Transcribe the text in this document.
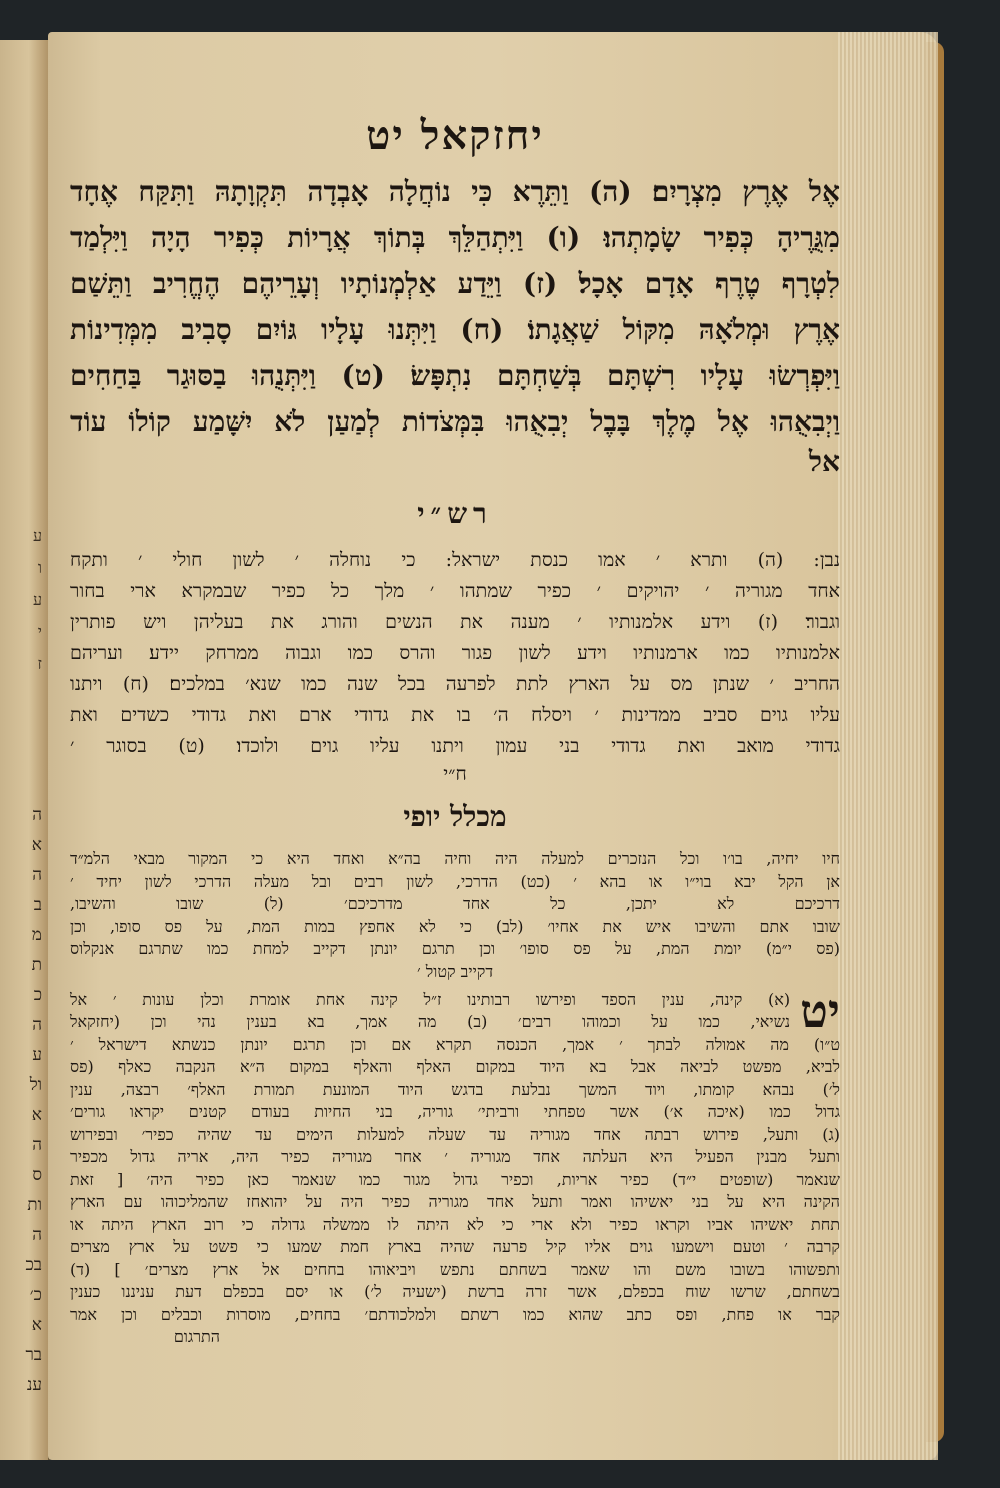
ע
ו
ע
י
ז
ה
א
ה
ב
מ
ת
כ
ה
ע
ול
א
ה
ס
ות
ה
בכ
כ׳
א
בר
ענ
יחזקאל יט
אֶל אֶרֶץ מִצְרָיִם׃ (ה) וַתֵּרֶא כִּי נוֹחֲלָה אָבְדָה תִּקְוָתָהּ וַתִּקַּח אֶחָד
מִגֻּרֶיהָ כְּפִיר שָׂמָתְהוּ׃ (ו) וַיִּתְהַלֵּךְ בְּתוֹךְ אֲרָיוֹת כְּפִיר הָיָה וַיִּלְמַד
לִטְרָף טֶרֶף אָדָם אָכָל׃ (ז) וַיֵּדַע אַלְמְנוֹתָיו וְעָרֵיהֶם הֶחֱרִיב וַתֵּשַׁם
אֶרֶץ וּמְלֹאָהּ מִקּוֹל שַׁאֲגָתוֹ׃ (ח) וַיִּתְּנוּ עָלָיו גּוֹיִם סָבִיב מִמְּדִינוֹת
וַיִּפְרְשׂוּ עָלָיו רִשְׁתָּם בְּשַׁחְתָּם נִתְפָּשׂ׃ (ט) וַיִּתְּנֻהוּ בַסּוּגַר בַּחַחִים
וַיְבִאֻהוּ אֶל מֶלֶךְ בָּבֶל יְבִאֻהוּ בִּמְּצֹדוֹת לְמַעַן לֹא יִשָּׁמַע קוֹלוֹ עוֹד
אל
רש״י
נבן: (ה) ותרא ׳ אמו כנסת ישראל: כי נוחלה ׳ לשון חולי ׳ ותקח
אחד מגוריה ׳ יהויקים ׳ כפיר שמתהו ׳ מלך כל כפיר שבמקרא ארי בחור
וגבור׃ (ז) וידע אלמנותיו ׳ מענה את הנשים והורג את בעליהן ויש פותרין
אלמנותיו כמו ארמנותיו וידע לשון פגור והרס כמו וגבוה ממרחק יידע׃ ועריהם
החריב ׳ שנתן מס על הארץ לתת לפרעה בכל שנה כמו שנא׳ במלכים׃ (ח) ויתנו
עליו גוים סביב ממדינות ׳ ויסלח ה׳ בו את גדודי ארם ואת גדודי כשדים ואת
גדודי מואב ואת גדודי בני עמון ויתנו עליו גוים ולוכדו׃ (ט) בסוגר ׳
ח״י
מכלל יופי
חיו יחיה, בו׳ו וכל הנזכרים למעלה היה וחיה בה״א ואחד היא כי המקור מבאי הלמ״ד
אן הקל יבא בוי״ו או בהא ׳ (כט) הדרכי, לשון רבים ובל מעלה הדרכי לשון יחיד ׳
דרכיכם לא יתכן, כל אחד מדרכיכם׳ (ל) שובו והשיבו,
שובו אתם והשיבו איש את אחיו׳ (לב) כי לא אחפץ במות המת, על פס סופו, וכן
(פס י״מ) יומת המת, על פס סופו׳ וכן תרגם יונתן דקייב למחת כמו שתרגם אנקלוס
דקייב קטול ׳
יט
(א) קינה, ענין הספד ופירשו רבותינו ז״ל קינה אחת אומרת וכלן עונות ׳ אל
נשיאי, כמו על וכמוהו רבים׳ (ב) מה אמך, בא בענין נהי וכן (יחזקאל
ט״ו) מה אמולה לבתך ׳ אמך, הכנסה תקרא אם וכן תרגם יונתן כנשתא דישראל ׳
לביא, מפשט לביאה אבל בא היוד במקום האלף והאלף במקום ה״א הנקבה כאלף (פס
ל׳) נבהא קומתו, ויוד המשך נבלעת בדגש היוד המונעת תמורת האלף׳ רבצה, ענין
גדול כמו (איכה א׳) אשר טפחתי ורביתי׳ גוריה, בני החיות בעודם קטנים יקראו גורים׳
(ג) ותעל, פירוש רבתה אחד מגוריה עד שעלה למעלות הימים עד שהיה כפיר׳ ובפירוש
ותעל מבנין הפעיל היא העלתה אחד מגוריה ׳ אחר מגוריה כפיר היה, אריה גדול מכפיר
שנאמר (שופטים י״ד) כפיר אריות, וכפיר גדול מגור כמו שנאמר כאן כפיר היה׳ [ זאת
הקינה היא על בני יאשיהו ואמר ותעל אחד מגוריה כפיר היה על יהואחז שהמליכוהו עם הארץ
תחת יאשיהו אביו וקראו כפיר ולא ארי כי לא היתה לו ממשלה גדולה כי רוב הארץ היתה או
קרבה ׳ וטעם וישמעו גוים אליו קיל פרעה שהיה בארץ חמת שמעו כי פשט על ארץ מצרים
ותפשוהו בשובו משם והו שאמר בשחתם נתפש ויביאוהו בחחים אל ארץ מצרים׳ ] (ד)
בשחתם, שרשו שוח בכפלם, אשר זרה ברשת (ישעיה ל׳) או יסם בכפלם דעת עניננו כענין
קבר או פחת, ופס כתב שהוא כמו רשתם ולמלכודתם׳ בחחים, מוסרות וכבלים וכן אמר
התרגום
